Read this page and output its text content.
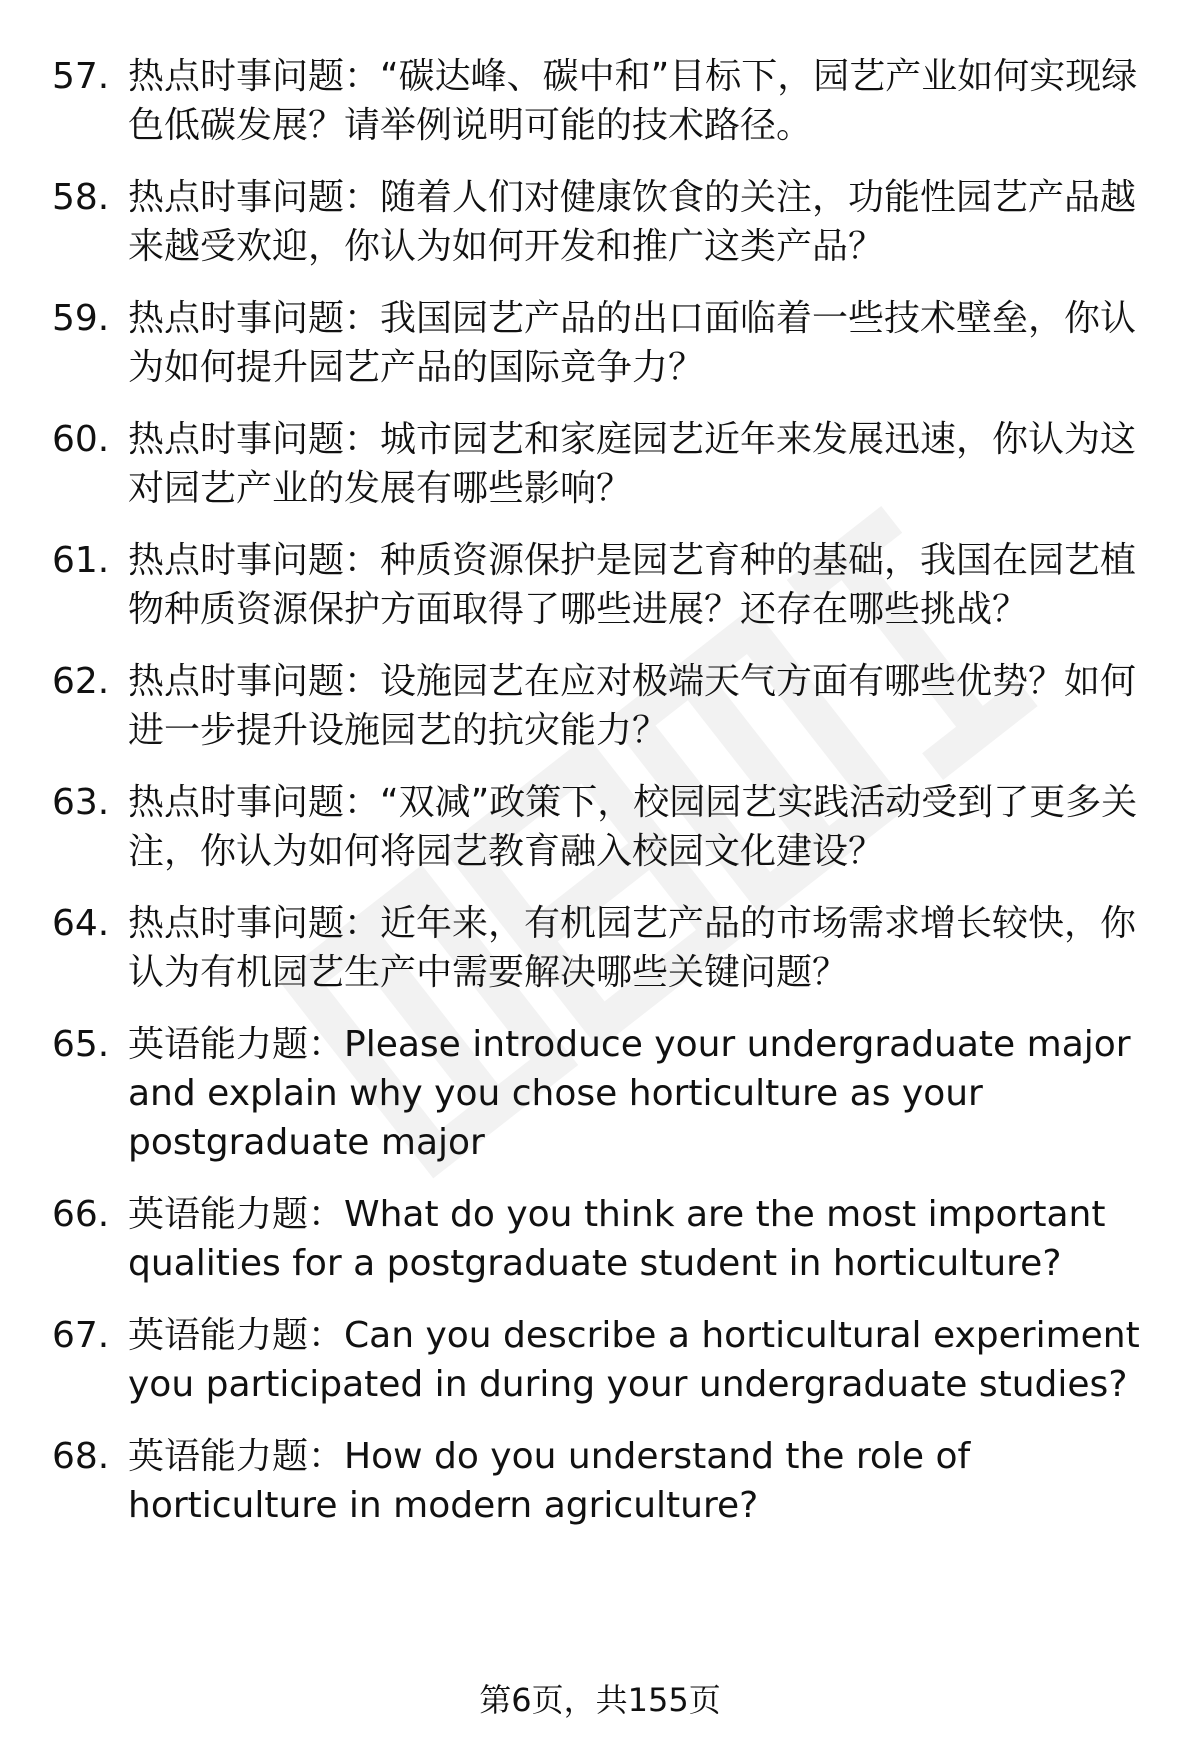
57. 热点时事问题：“碳达峰、碳中和”目标下，园艺产业如何实现绿色低碳发展？请举例说明可能的技术路径。
58. 热点时事问题：随着人们对健康饮食的关注，功能性园艺产品越来越受欢迎，你认为如何开发和推广这类产品？
59. 热点时事问题：我国园艺产品的出口面临着一些技术壁垒，你认为如何提升园艺产品的国际竞争力？
60. 热点时事问题：城市园艺和家庭园艺近年来发展迅速，你认为这对园艺产业的发展有哪些影响？
61. 热点时事问题：种质资源保护是园艺育种的基础，我国在园艺植物种质资源保护方面取得了哪些进展？还存在哪些挑战？
62. 热点时事问题：设施园艺在应对极端天气方面有哪些优势？如何进一步提升设施园艺的抗灾能力？
63. 热点时事问题：“双减”政策下，校园园艺实践活动受到了更多关注，你认为如何将园艺教育融入校园文化建设？
64. 热点时事问题：近年来，有机园艺产品的市场需求增长较快，你认为有机园艺生产中需要解决哪些关键问题？
65. 英语能力题：Please introduce your undergraduate major and explain why you chose horticulture as your postgraduate major
66. 英语能力题：What do you think are the most important qualities for a postgraduate student in horticulture?
67. 英语能力题：Can you describe a horticultural experiment you participated in during your undergraduate studies?
68. 英语能力题：How do you understand the role of horticulture in modern agriculture?
第6页，共155页
